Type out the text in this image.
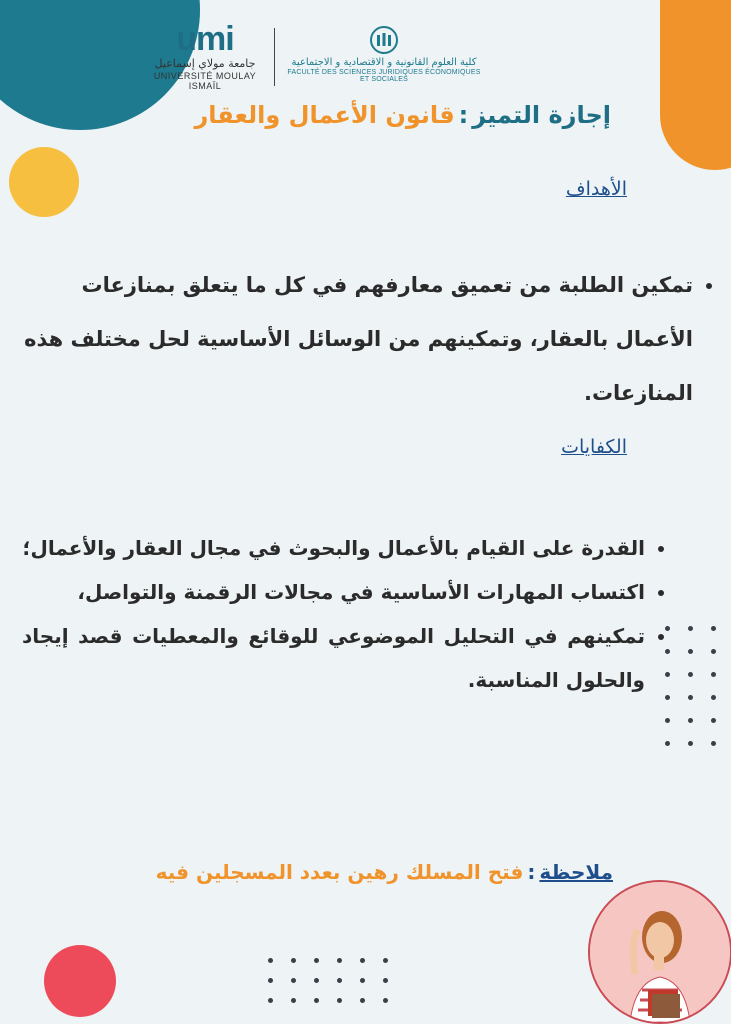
umi
جامعة مولاي إسماعيل
UNIVERSITÉ MOULAY ISMAÏL
كلية العلوم القانونية و الاقتصادية و الاجتماعية
FACULTÉ DES SCIENCES JURIDIQUES ÉCONOMIQUES ET SOCIALES
إجازة التميز:قانون الأعمال والعقار
الأهداف
• تمكين الطلبة من تعميق معارفهم في كل ما يتعلق بمنازعات الأعمال بالعقار، وتمكينهم من الوسائل الأساسية لحل مختلف هذه المنازعات.
الكفايات
• القدرة على القيام بالأعمال والبحوث في مجال العقار والأعمال؛
• اكتساب المهارات الأساسية في مجالات الرقمنة والتواصل،
• تمكينهم في التحليل الموضوعي للوقائع والمعطيات قصد إيجاد والحلول المناسبة.
ملاحظة:فتح المسلك رهين بعدد المسجلين فيه
